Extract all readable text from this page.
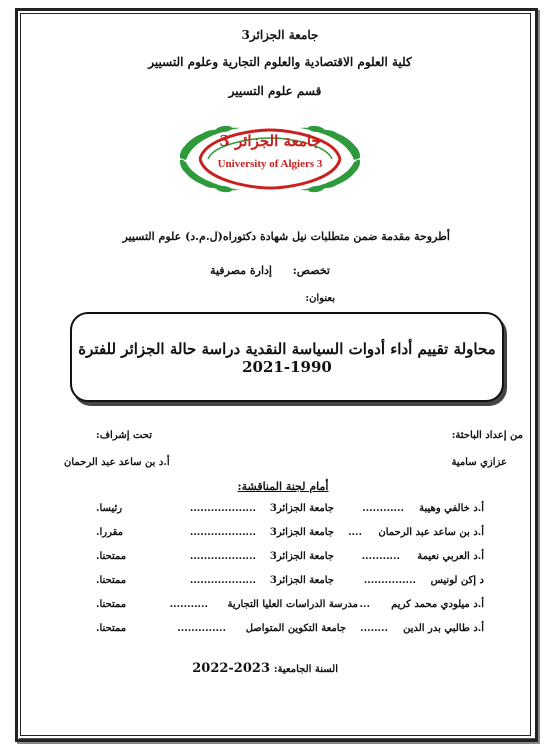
جامعة الجزائر3
كلية العلوم الاقتصادية والعلوم التجارية وعلوم التسيير
قسم علوم التسيير
جامعة الجزائر 3
University of Algiers 3
أطروحة مقدمة ضمن متطلبات نيل شهادة دكتوراه(ل.م.د) علوم التسيير
تخصص:
إدارة مصرفية
بعنوان:
محاولة تقييم أداء أدوات السياسة النقدية دراسة حالة الجزائر للفترة 1990-2021
من إعداد الباحثة:
عزازي سامية
تحت إشراف:
أ.د بن ساعد عبد الرحمان
أمام لجنة المناقشة:
أ.د خالفي وهيبة
............
جامعة الجزائر3
...................
رئيسا.
أ.د بن ساعد عبد الرحمان
....
جامعة الجزائر3
...................
مقررا.
أ.د العربي نعيمة
...........
جامعة الجزائر3
...................
ممتحنا.
د إكن لونيس
...............
جامعة الجزائر3
...................
ممتحنا.
أ.د ميلودي محمد كريم
...
مدرسة الدراسات العليا التجارية
...........
ممتحنا.
أ.د طالبي بدر الدين
........
جامعة التكوين المتواصل
..............
ممتحنا.
السنة الجامعية:
2022-2023
